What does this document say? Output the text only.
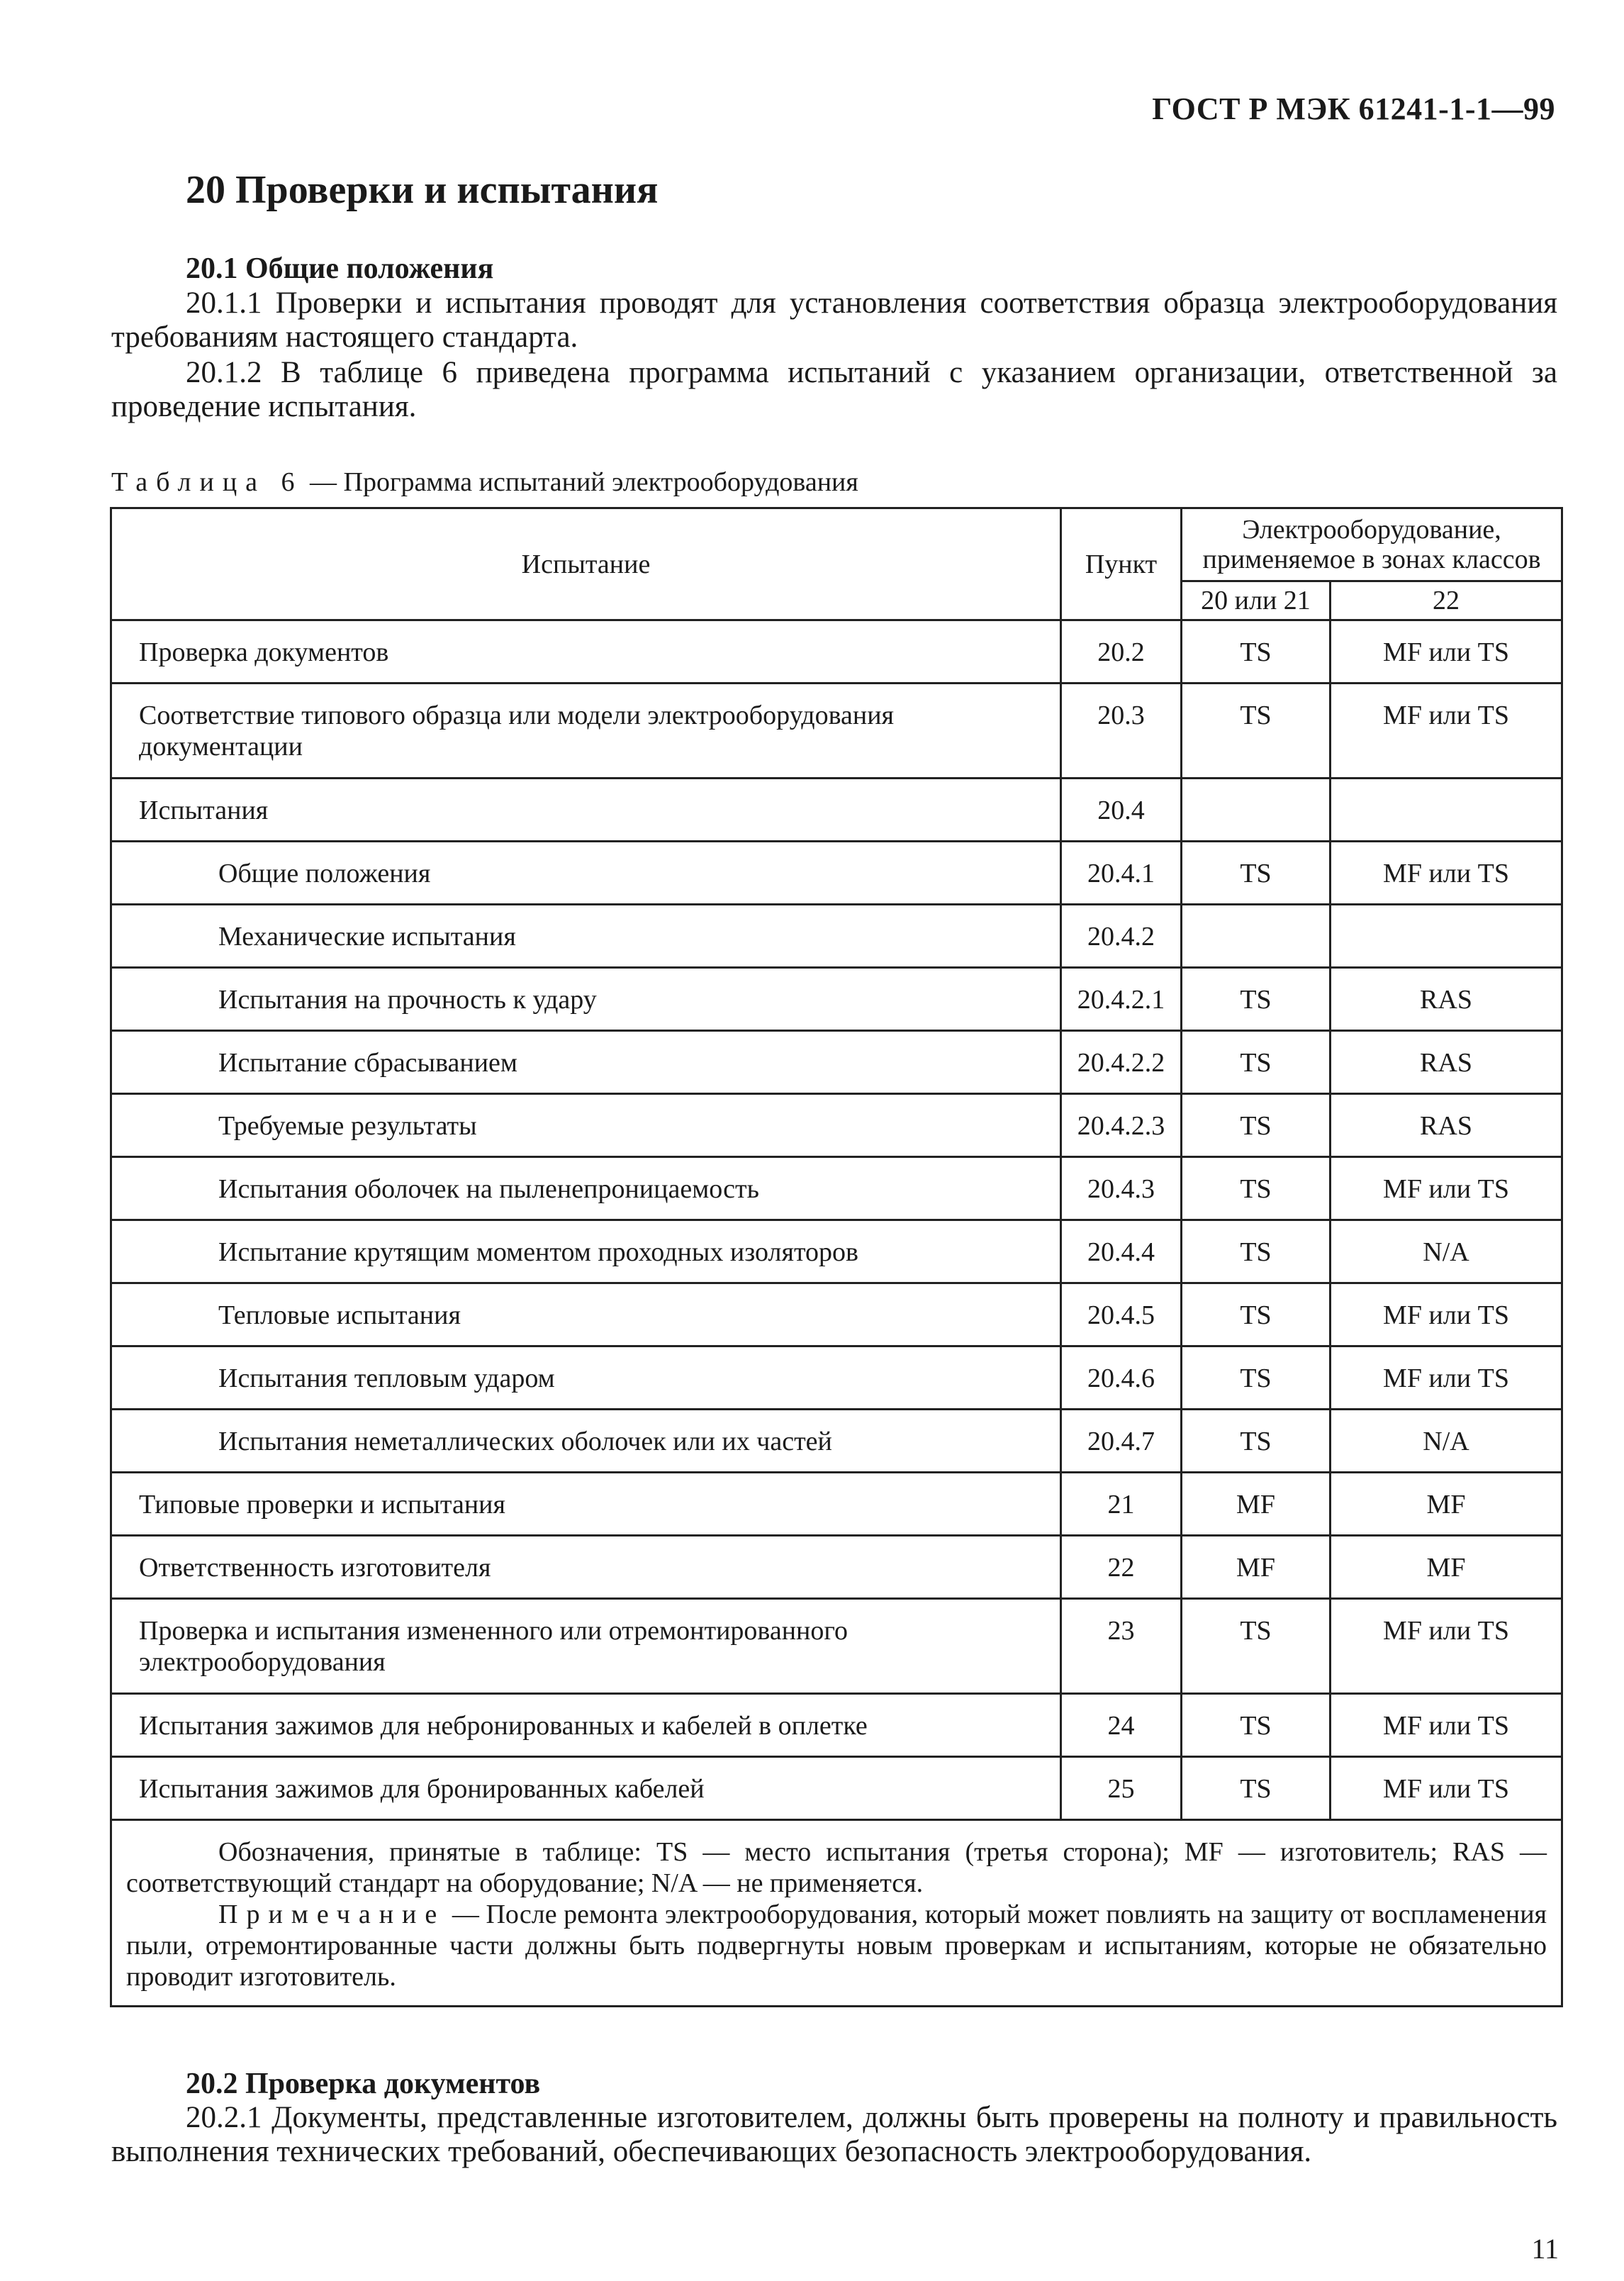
ГОСТ Р МЭК 61241-1-1—99
20 Проверки и испытания
20.1 Общие положения
20.1.1 Проверки и испытания проводят для установления соответствия образца электрооборудования требованиям настоящего стандарта.
20.1.2 В таблице 6 приведена программа испытаний с указанием организации, ответственной за проведение испытания.
Таблица 6 — Программа испытаний электрооборудования
Испытание	Пункт	Электрооборудование, применяемое в зонах классов	
		20 или 21	22
Проверка документов	20.2	TS	MF или TS
Соответствие типового образца или модели электрооборудования документации	20.3	TS	MF или TS
Испытания	20.4		
Общие положения	20.4.1	TS	MF или TS
Механические испытания	20.4.2		
Испытания на прочность к удару	20.4.2.1	TS	RAS
Испытание сбрасыванием	20.4.2.2	TS	RAS
Требуемые результаты	20.4.2.3	TS	RAS
Испытания оболочек на пыленепроницаемость	20.4.3	TS	MF или TS
Испытание крутящим моментом проходных изоляторов	20.4.4	TS	N/A
Тепловые испытания	20.4.5	TS	MF или TS
Испытания тепловым ударом	20.4.6	TS	MF или TS
Испытания неметаллических оболочек или их частей	20.4.7	TS	N/A
Типовые проверки и испытания	21	MF	MF
Ответственность изготовителя	22	MF	MF
Проверка и испытания измененного или отремонтированного электрооборудования	23	TS	MF или TS
Испытания зажимов для небронированных и кабелей в оплетке	24	TS	MF или TS
Испытания зажимов для бронированных кабелей	25	TS	MF или TS

Обозначения, принятые в таблице: TS — место испытания (третья сторона); MF — изготовитель; RAS — соответствующий стандарт на оборудование; N/A — не применяется.

Примечание — После ремонта электрооборудования, который может повлиять на защиту от воспламенения пыли, отремонтированные части должны быть подвергнуты новым проверкам и испытаниям, которые не обязательно проводит изготовитель.			

20.2 Проверка документов
20.2.1 Документы, представленные изготовителем, должны быть проверены на полноту и правильность выполнения технических требований, обеспечивающих безопасность электрооборудования.
11
